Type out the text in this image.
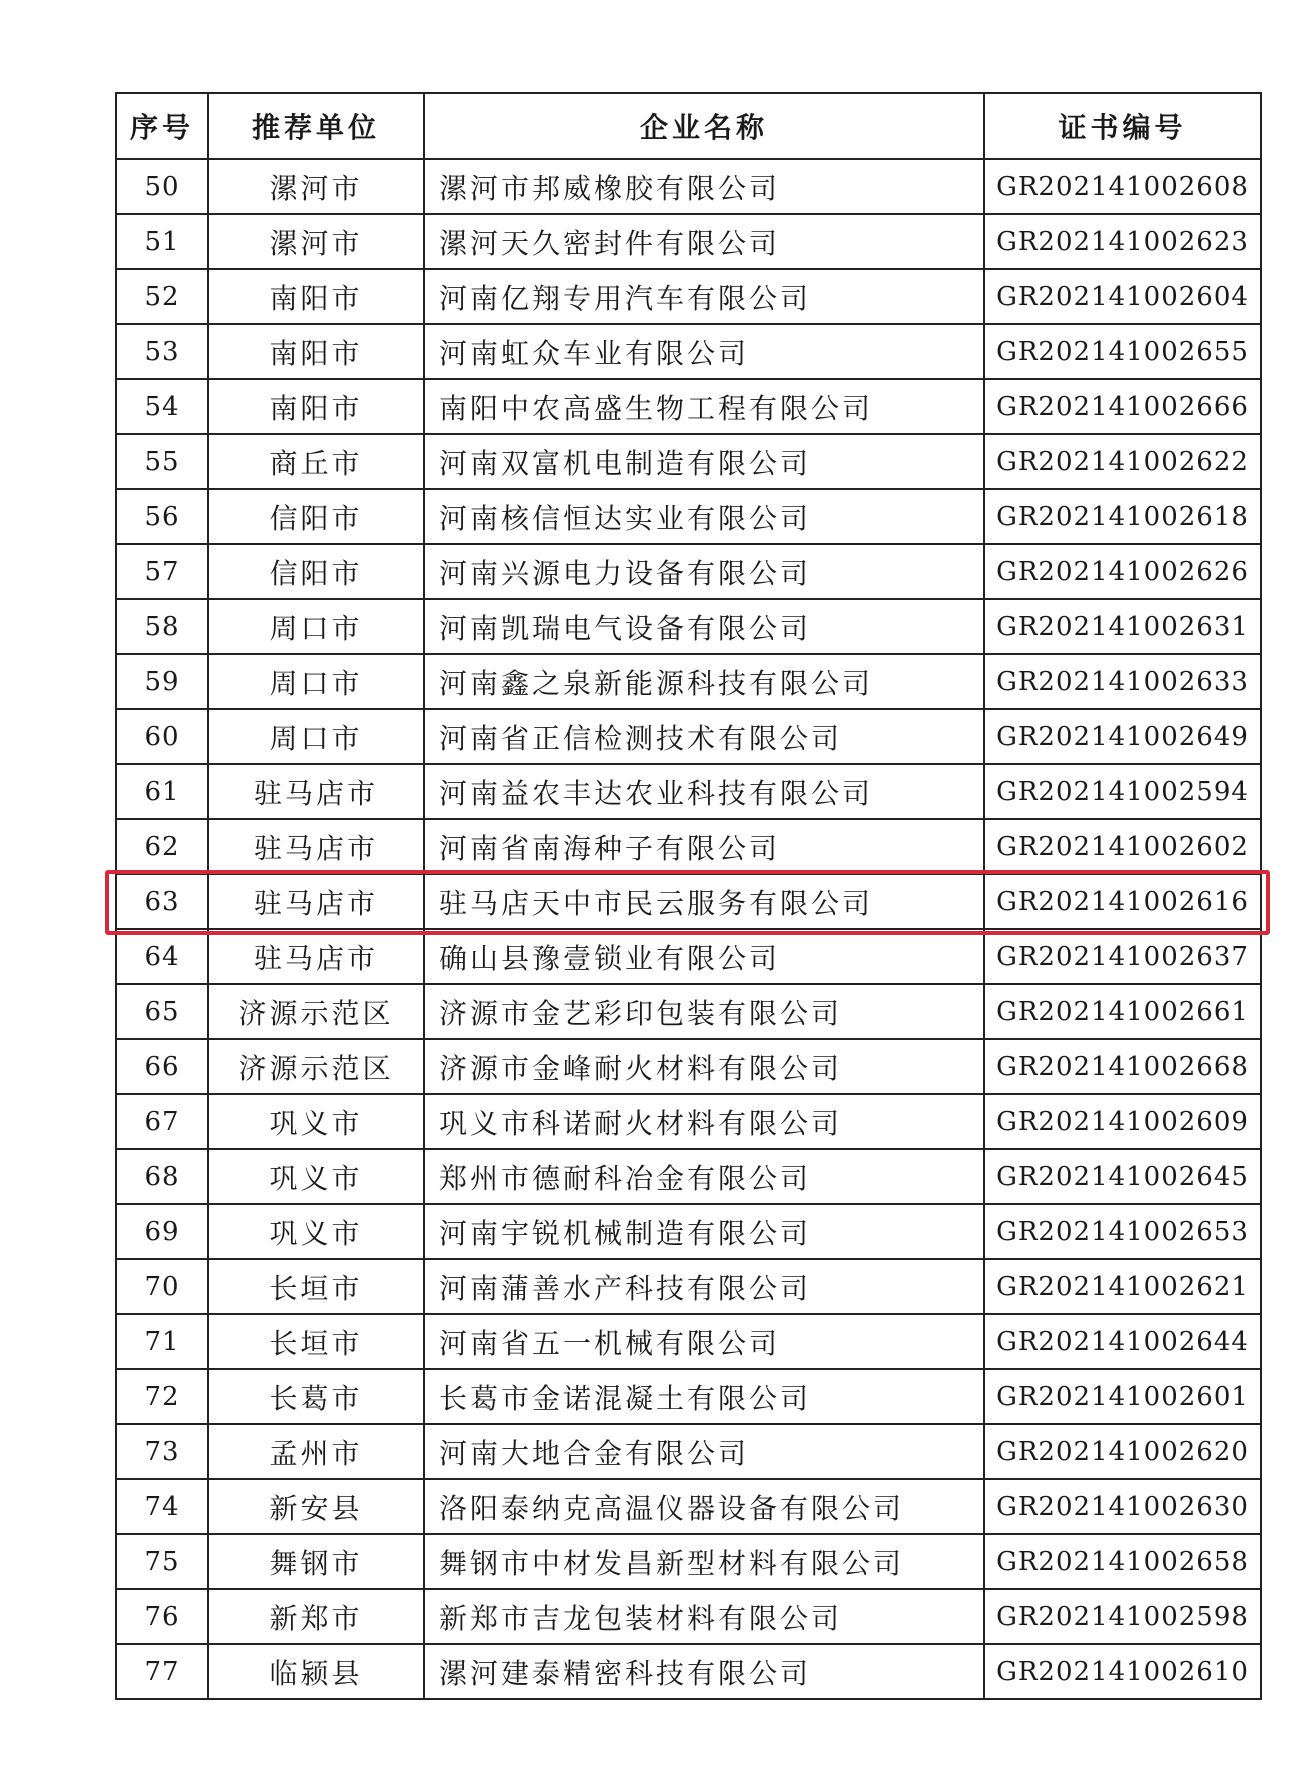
序号	推荐单位	企业名称	证书编号
50	漯河市	漯河市邦威橡胶有限公司	GR202141002608
51	漯河市	漯河天久密封件有限公司	GR202141002623
52	南阳市	河南亿翔专用汽车有限公司	GR202141002604
53	南阳市	河南虹众车业有限公司	GR202141002655
54	南阳市	南阳中农高盛生物工程有限公司	GR202141002666
55	商丘市	河南双富机电制造有限公司	GR202141002622
56	信阳市	河南核信恒达实业有限公司	GR202141002618
57	信阳市	河南兴源电力设备有限公司	GR202141002626
58	周口市	河南凯瑞电气设备有限公司	GR202141002631
59	周口市	河南鑫之泉新能源科技有限公司	GR202141002633
60	周口市	河南省正信检测技术有限公司	GR202141002649
61	驻马店市	河南益农丰达农业科技有限公司	GR202141002594
62	驻马店市	河南省南海种子有限公司	GR202141002602
63	驻马店市	驻马店天中市民云服务有限公司	GR202141002616
64	驻马店市	确山县豫壹锁业有限公司	GR202141002637
65	济源示范区	济源市金艺彩印包装有限公司	GR202141002661
66	济源示范区	济源市金峰耐火材料有限公司	GR202141002668
67	巩义市	巩义市科诺耐火材料有限公司	GR202141002609
68	巩义市	郑州市德耐科冶金有限公司	GR202141002645
69	巩义市	河南宇锐机械制造有限公司	GR202141002653
70	长垣市	河南蒲善水产科技有限公司	GR202141002621
71	长垣市	河南省五一机械有限公司	GR202141002644
72	长葛市	长葛市金诺混凝土有限公司	GR202141002601
73	孟州市	河南大地合金有限公司	GR202141002620
74	新安县	洛阳泰纳克高温仪器设备有限公司	GR202141002630
75	舞钢市	舞钢市中材发昌新型材料有限公司	GR202141002658
76	新郑市	新郑市吉龙包装材料有限公司	GR202141002598
77	临颍县	漯河建泰精密科技有限公司	GR202141002610
